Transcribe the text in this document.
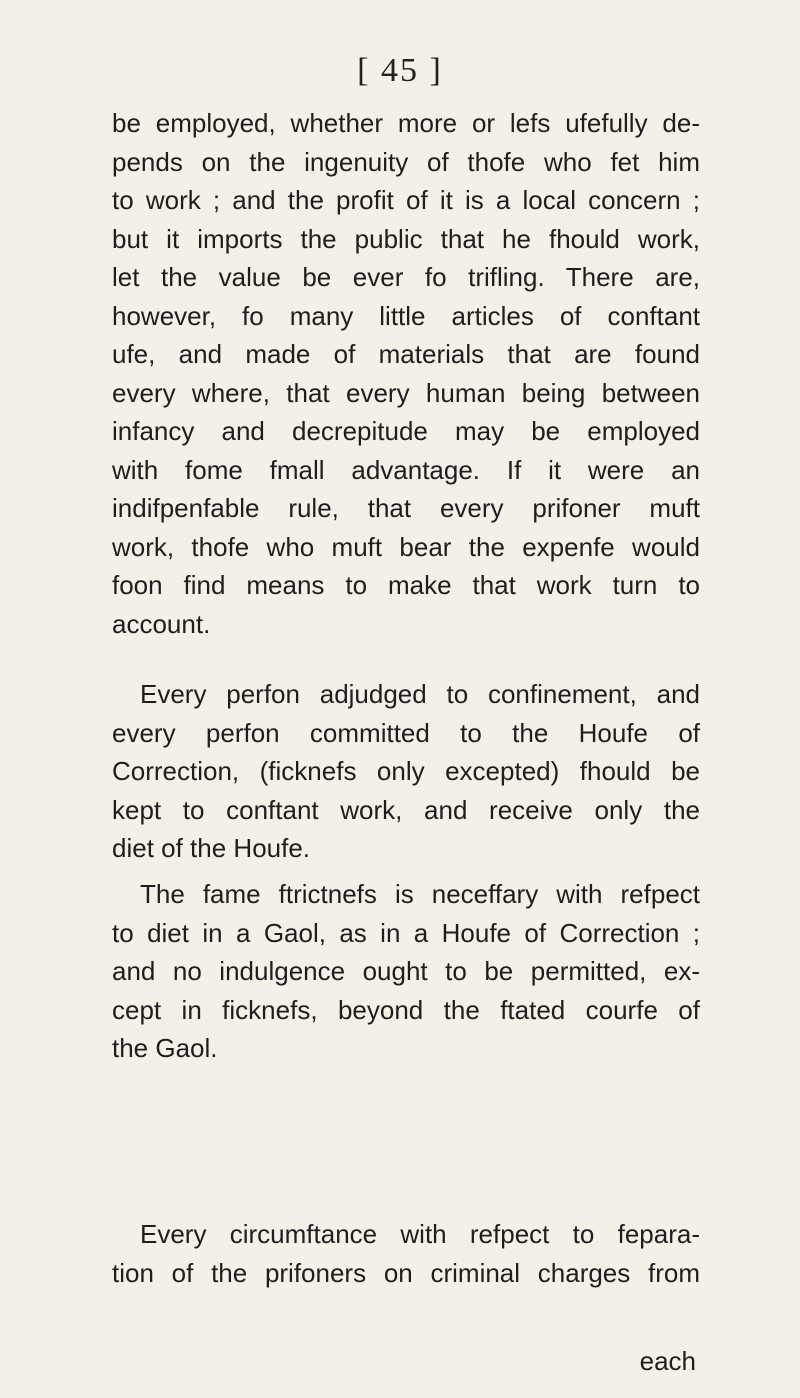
[ 45 ]
be employed, whether more or lefs ufefully de-
pends on the ingenuity of thofe who fet him
to work ; and the profit of it is a local concern ;
but it imports the public that he fhould work,
let the value be ever fo trifling. There are,
however, fo many little articles of conftant
ufe, and made of materials that are found
every where, that every human being between
infancy and decrepitude may be employed
with fome fmall advantage. If it were an
indifpenfable rule, that every prifoner muft
work, thofe who muft bear the expenfe would
foon find means to make that work turn to
account.
Every perfon adjudged to confinement, and
every perfon committed to the Houfe of
Correction, (ficknefs only excepted) fhould be
kept to conftant work, and receive only the
diet of the Houfe.
The fame ftrictnefs is neceffary with refpect
to diet in a Gaol, as in a Houfe of Correction ;
and no indulgence ought to be permitted, ex-
cept in ficknefs, beyond the ftated courfe of
the Gaol.
Every circumftance with refpect to fepara-
tion of the prifoners on criminal charges from
each
